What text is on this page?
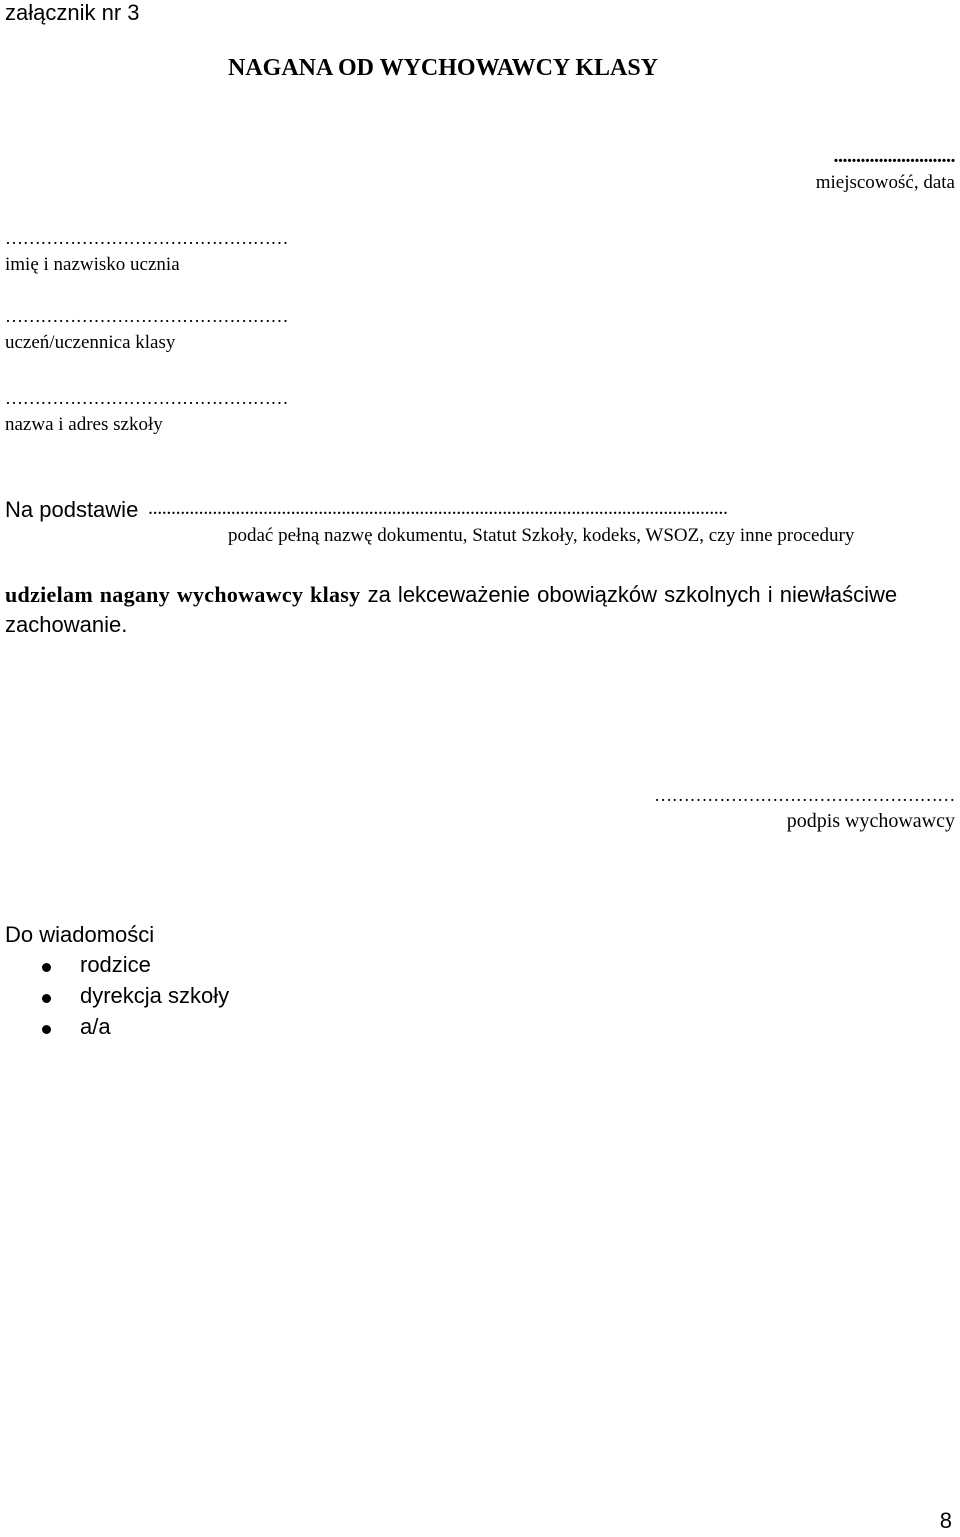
załącznik nr 3
NAGANA OD WYCHOWAWCY KLASY
...........................
miejscowość, data
…………………………………………
imię i nazwisko ucznia
…………………………………………
uczeń/uczennica klasy
…………………………………………
nazwa i adres szkoły
Na podstawie ..............................................................................................................................
podać pełną nazwę dokumentu, Statut Szkoły, kodeks, WSOZ, czy inne procedury
udzielam nagany wychowawcy klasy za lekceważenie obowiązków szkolnych i niewłaściwe zachowanie.
……………………………………………
podpis wychowawcy
Do wiadomości
rodzice
dyrekcja szkoły
a/a
8
